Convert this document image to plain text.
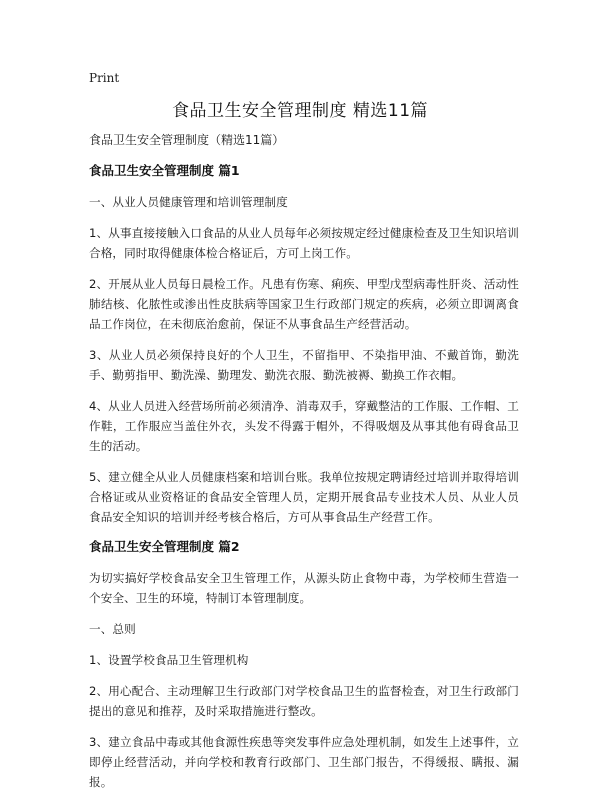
Print
食品卫生安全管理制度 精选11篇
食品卫生安全管理制度（精选11篇）
食品卫生安全管理制度 篇1

一、从业人员健康管理和培训管理制度

1、从事直接接触入口食品的从业人员每年必须按规定经过健康检查及卫生知识培训合格，同时取得健康体检合格证后，方可上岗工作。

2、开展从业人员每日晨检工作。凡患有伤寒、痢疾、甲型戊型病毒性肝炎、活动性肺结核、化脓性或渗出性皮肤病等国家卫生行政部门规定的疾病，必须立即调离食品工作岗位，在未彻底治愈前，保证不从事食品生产经营活动。

3、从业人员必须保持良好的个人卫生，不留指甲、不染指甲油、不戴首饰，勤洗手、勤剪指甲、勤洗澡、勤理发、勤洗衣服、勤洗被褥、勤换工作衣帽。

4、从业人员进入经营场所前必须清净、消毒双手，穿戴整洁的工作服、工作帽、工作鞋，工作服应当盖住外衣，头发不得露于帽外，不得吸烟及从事其他有碍食品卫生的活动。

5、建立健全从业人员健康档案和培训台账。我单位按规定聘请经过培训并取得培训合格证或从业资格证的食品安全管理人员，定期开展食品专业技术人员、从业人员食品安全知识的培训并经考核合格后，方可从事食品生产经营工作。

食品卫生安全管理制度 篇2

为切实搞好学校食品安全卫生管理工作，从源头防止食物中毒，为学校师生营造一个安全、卫生的环境，特制订本管理制度。

一、总则

1、设置学校食品卫生管理机构

2、用心配合、主动理解卫生行政部门对学校食品卫生的监督检查，对卫生行政部门提出的意见和推荐，及时采取措施进行整改。

3、建立食品中毒或其他食源性疾患等突发事件应急处理机制，如发生上述事件，立即停止经营活动，并向学校和教育行政部门、卫生部门报告，不得缓报、瞒报、漏报。
